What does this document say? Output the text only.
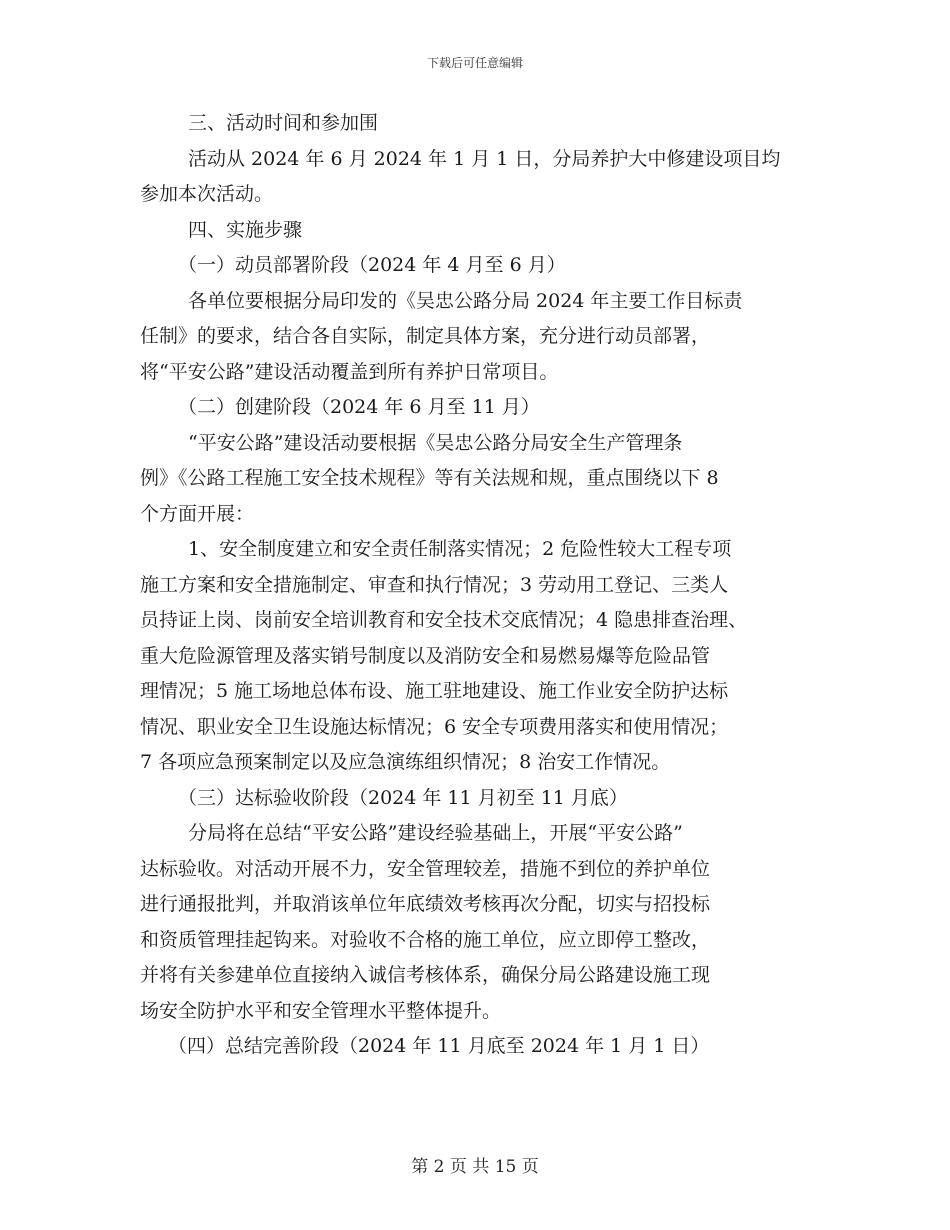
下载后可任意编辑
三、活动时间和参加围
活动从 2024 年 6 月 2024 年 1 月 1 日，分局养护大中修建设项目均
参加本次活动。
四、实施步骤
（一）动员部署阶段（2024 年 4 月至 6 月）
各单位要根据分局印发的《吴忠公路分局 2024 年主要工作目标责
任制》的要求，结合各自实际，制定具体方案，充分进行动员部署，
将“平安公路”建设活动覆盖到所有养护日常项目。
（二）创建阶段（2024 年 6 月至 11 月）
“平安公路”建设活动要根据《吴忠公路分局安全生产管理条
例》《公路工程施工安全技术规程》等有关法规和规，重点围绕以下 8
个方面开展：
1、安全制度建立和安全责任制落实情况；2 危险性较大工程专项
施工方案和安全措施制定、审查和执行情况；3 劳动用工登记、三类人
员持证上岗、岗前安全培训教育和安全技术交底情况；4 隐患排查治理、
重大危险源管理及落实销号制度以及消防安全和易燃易爆等危险品管
理情况；5 施工场地总体布设、施工驻地建设、施工作业安全防护达标
情况、职业安全卫生设施达标情况；6 安全专项费用落实和使用情况；
7 各项应急预案制定以及应急演练组织情况；8 治安工作情况。
（三）达标验收阶段（2024 年 11 月初至 11 月底）
分局将在总结“平安公路”建设经验基础上，开展“平安公路”
达标验收。对活动开展不力，安全管理较差，措施不到位的养护单位
进行通报批判，并取消该单位年底绩效考核再次分配，切实与招投标
和资质管理挂起钩来。对验收不合格的施工单位，应立即停工整改，
并将有关参建单位直接纳入诚信考核体系，确保分局公路建设施工现
场安全防护水平和安全管理水平整体提升。
（四）总结完善阶段（2024 年 11 月底至 2024 年 1 月 1 日）
第 2 页 共 15 页
